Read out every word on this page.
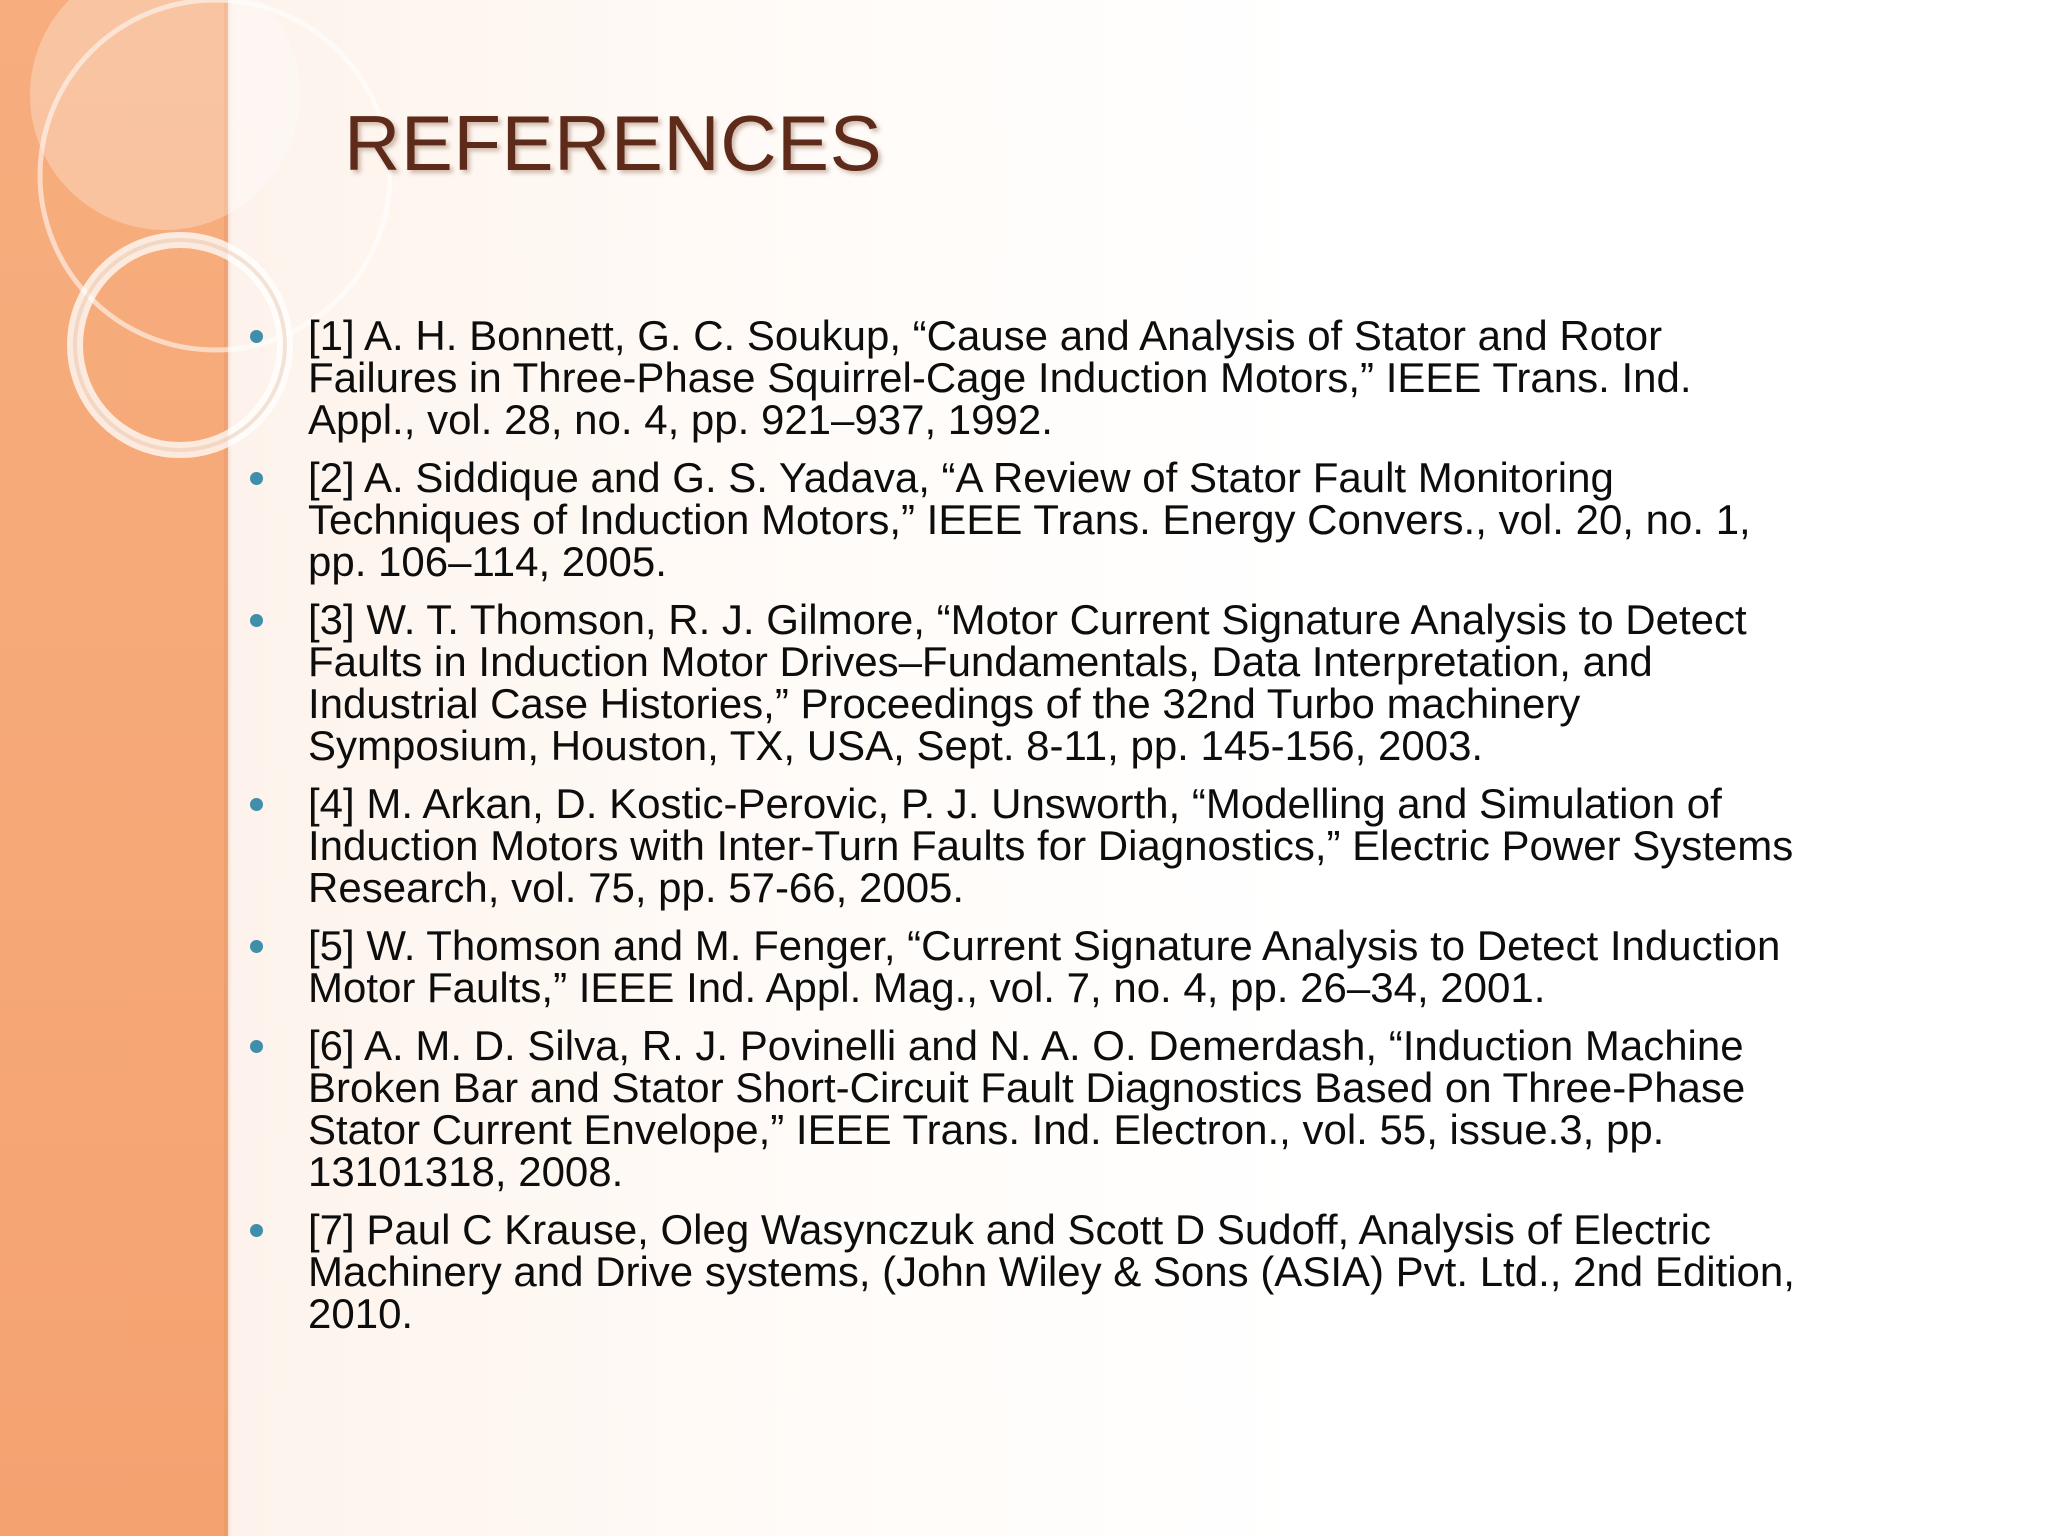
REFERENCES
[1] A. H. Bonnett, G. C. Soukup, “Cause and Analysis of Stator and Rotor
Failures in Three-Phase Squirrel-Cage Induction Motors,” IEEE Trans. Ind.
Appl., vol. 28, no. 4, pp. 921–937, 1992.
[2] A. Siddique and G. S. Yadava, “A Review of Stator Fault Monitoring
Techniques of Induction Motors,” IEEE Trans. Energy Convers., vol. 20, no. 1,
pp. 106–114, 2005.
[3] W. T. Thomson, R. J. Gilmore, “Motor Current Signature Analysis to Detect
Faults in Induction Motor Drives–Fundamentals, Data Interpretation, and
Industrial Case Histories,” Proceedings of the 32nd Turbo machinery
Symposium, Houston, TX, USA, Sept. 8-11, pp. 145-156, 2003.
[4] M. Arkan, D. Kostic-Perovic, P. J. Unsworth, “Modelling and Simulation of
Induction Motors with Inter-Turn Faults for Diagnostics,” Electric Power Systems
Research, vol. 75, pp. 57-66, 2005.
[5] W. Thomson and M. Fenger, “Current Signature Analysis to Detect Induction
Motor Faults,” IEEE Ind. Appl. Mag., vol. 7, no. 4, pp. 26–34, 2001.
[6] A. M. D. Silva, R. J. Povinelli and N. A. O. Demerdash, “Induction Machine
Broken Bar and Stator Short-Circuit Fault Diagnostics Based on Three-Phase
Stator Current Envelope,” IEEE Trans. Ind. Electron., vol. 55, issue.3, pp.
13101318, 2008.
[7] Paul C Krause, Oleg Wasynczuk and Scott D Sudoff, Analysis of Electric
Machinery and Drive systems, (John Wiley & Sons (ASIA) Pvt. Ltd., 2nd Edition,
2010.
